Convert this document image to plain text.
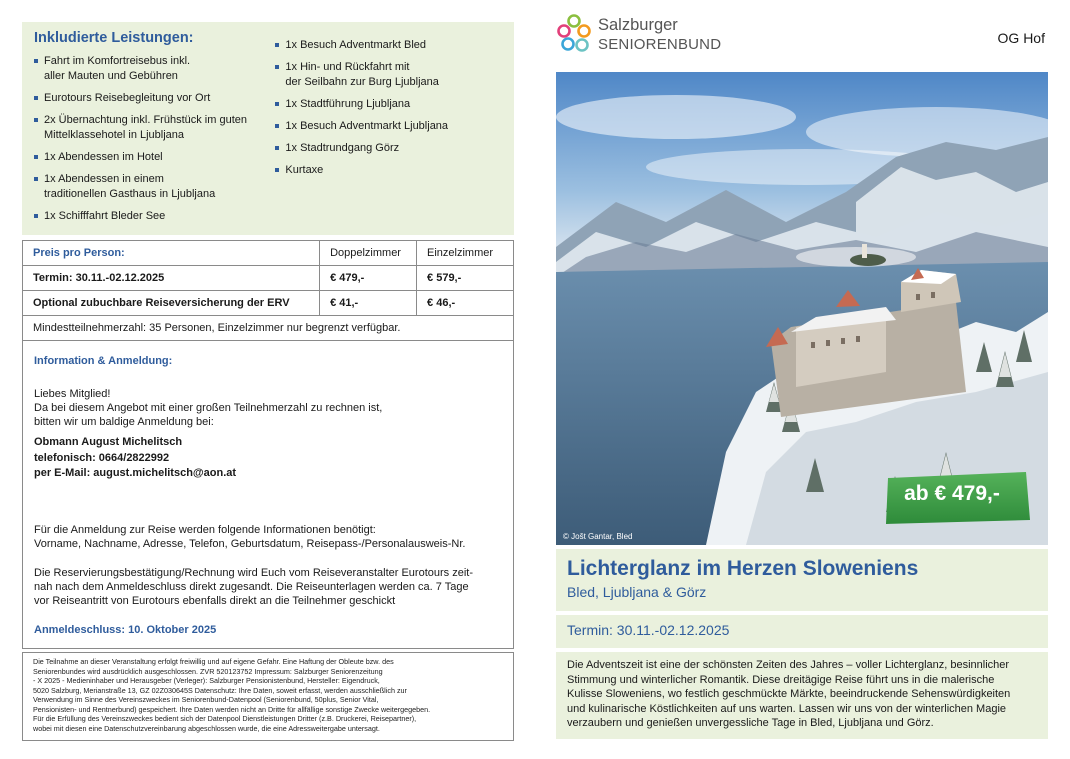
Inkludierte Leistungen:
Fahrt im Komfortreisebus inkl.
aller Mauten und Gebühren
Eurotours Reisebegleitung vor Ort
2x Übernachtung inkl. Frühstück im guten
Mittelklassehotel in Ljubljana
1x Abendessen im Hotel
1x Abendessen in einem
traditionellen Gasthaus in Ljubljana
1x Schifffahrt Bleder See
1x Besuch Adventmarkt Bled
1x Hin- und Rückfahrt mit
der Seilbahn zur Burg Ljubljana
1x Stadtführung Ljubljana
1x Besuch Adventmarkt Ljubljana
1x Stadtrundgang Görz
Kurtaxe
Preis pro Person:	Doppelzimmer	Einzelzimmer
Termin: 30.11.-02.12.2025	€ 479,-	€ 579,-
Optional zubuchbare Reiseversicherung der ERV	€ 41,-	€ 46,-
Mindestteilnehmerzahl: 35 Personen, Einzelzimmer nur begrenzt verfügbar.		
Information & Anmeldung:
Liebes Mitglied!
Da bei diesem Angebot mit einer großen Teilnehmerzahl zu rechnen ist,
bitten wir um baldige Anmeldung bei:
Obmann August Michelitsch
telefonisch: 0664/2822992
per E-Mail: august.michelitsch@aon.at
Für die Anmeldung zur Reise werden folgende Informationen benötigt:
Vorname, Nachname, Adresse, Telefon, Geburtsdatum, Reisepass-/Personalausweis-Nr.
Die Reservierungsbestätigung/Rechnung wird Euch vom Reiseveranstalter Eurotours zeit-
nah nach dem Anmeldeschluss direkt zugesandt. Die Reiseunterlagen werden ca. 7 Tage
vor Reiseantritt von Eurotours ebenfalls direkt an die Teilnehmer geschickt
Anmeldeschluss: 10. Oktober 2025
Die Teilnahme an dieser Veranstaltung erfolgt freiwillig und auf eigene Gefahr. Eine Haftung der Obleute bzw. des
Seniorenbundes wird ausdrücklich ausgeschlossen. ZVR 520123752 Impressum: Salzburger Seniorenzeitung
- X 2025 - Medieninhaber und Herausgeber (Verleger): Salzburger Pensionistenbund, Hersteller: Eigendruck,
5020 Salzburg, Merianstraße 13, GZ 02Z030645S Datenschutz: Ihre Daten, soweit erfasst, werden ausschließlich zur
Verwendung im Sinne des Vereinszweckes im Seniorenbund-Datenpool (Seniorenbund, 50plus, Senior Vital,
Pensionisten- und Rentnerbund) gespeichert. Ihre Daten werden nicht an Dritte für allfällige sonstige Zwecke weitergegeben.
Für die Erfüllung des Vereinszweckes bedient sich der Datenpool Dienstleistungen Dritter (z.B. Druckerei, Reisepartner),
wobei mit diesen eine Datenschutzvereinbarung abgeschlossen wurde, die eine Adressweitergabe untersagt.
Salzburger
SENIORENBUND	OG Hof
© Jošt Gantar, Bled
ab € 479,-
Lichterglanz im Herzen Sloweniens
Bled, Ljubljana & Görz
Termin: 30.11.-02.12.2025
Die Adventszeit ist eine der schönsten Zeiten des Jahres – voller Lichterglanz, besinnlicher
Stimmung und winterlicher Romantik. Diese dreitägige Reise führt uns in die malerische
Kulisse Sloweniens, wo festlich geschmückte Märkte, beeindruckende Sehenswürdigkeiten
und kulinarische Köstlichkeiten auf uns warten. Lassen wir uns von der winterlichen Magie
verzaubern und genießen unvergessliche Tage in Bled, Ljubljana und Görz.
